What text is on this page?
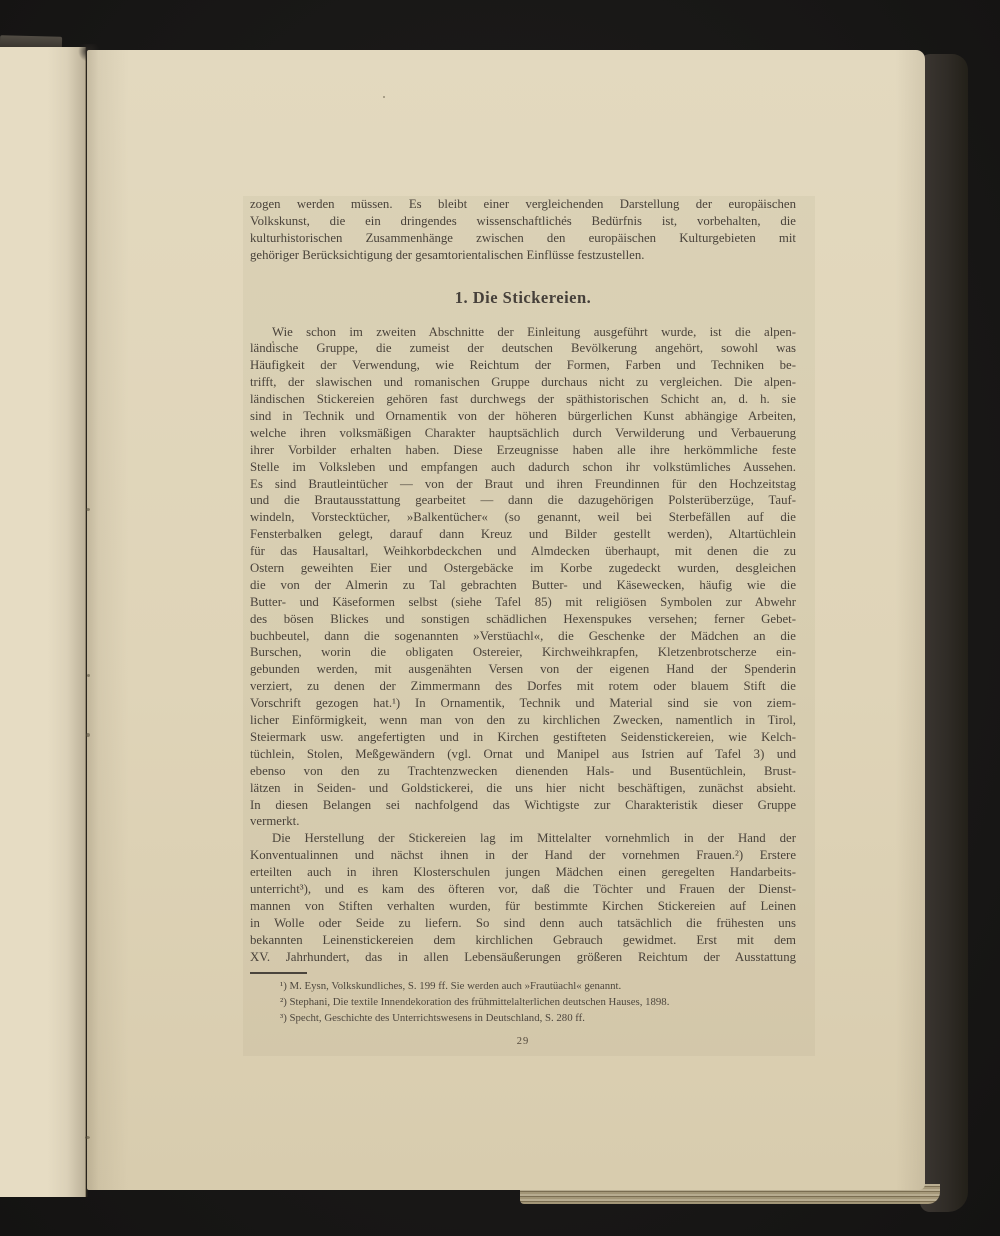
zogen werden müssen. Es bleibt einer vergleichenden Darstellung der europäischen
Volkskunst, die ein dringendes wissenschaftliches Bedürfnis ist, vorbehalten, die
kulturhistorischen Zusammenhänge zwischen den europäischen Kulturgebieten mit
gehöriger Berücksichtigung der gesamtorientalischen Einflüsse festzustellen.
1. Die Stickereien.
Wie schon im zweiten Abschnitte der Einleitung ausgeführt wurde, ist die alpen-
ländische Gruppe, die zumeist der deutschen Bevölkerung angehört, sowohl was
Häufigkeit der Verwendung, wie Reichtum der Formen, Farben und Techniken be-
trifft, der slawischen und romanischen Gruppe durchaus nicht zu vergleichen. Die alpen-
ländischen Stickereien gehören fast durchwegs der späthistorischen Schicht an, d. h. sie
sind in Technik und Ornamentik von der höheren bürgerlichen Kunst abhängige Arbeiten,
welche ihren volksmäßigen Charakter hauptsächlich durch Verwilderung und Verbauerung
ihrer Vorbilder erhalten haben. Diese Erzeugnisse haben alle ihre herkömmliche feste
Stelle im Volksleben und empfangen auch dadurch schon ihr volkstümliches Aussehen.
Es sind Brautleintücher — von der Braut und ihren Freundinnen für den Hochzeitstag
und die Brautausstattung gearbeitet — dann die dazugehörigen Polsterüberzüge, Tauf-
windeln, Vorstecktücher, »Balkentücher« (so genannt, weil bei Sterbefällen auf die
Fensterbalken gelegt, darauf dann Kreuz und Bilder gestellt werden), Altartüchlein
für das Hausaltarl, Weihkorbdeckchen und Almdecken überhaupt, mit denen die zu
Ostern geweihten Eier und Ostergebäcke im Korbe zugedeckt wurden, desgleichen
die von der Almerin zu Tal gebrachten Butter- und Käsewecken, häufig wie die
Butter- und Käseformen selbst (siehe Tafel 85) mit religiösen Symbolen zur Abwehr
des bösen Blickes und sonstigen schädlichen Hexenspukes versehen; ferner Gebet-
buchbeutel, dann die sogenannten »Verstüachl«, die Geschenke der Mädchen an die
Burschen, worin die obligaten Ostereier, Kirchweihkrapfen, Kletzenbrotscherze ein-
gebunden werden, mit ausgenähten Versen von der eigenen Hand der Spenderin
verziert, zu denen der Zimmermann des Dorfes mit rotem oder blauem Stift die
Vorschrift gezogen hat.¹) In Ornamentik, Technik und Material sind sie von ziem-
licher Einförmigkeit, wenn man von den zu kirchlichen Zwecken, namentlich in Tirol,
Steiermark usw. angefertigten und in Kirchen gestifteten Seidenstickereien, wie Kelch-
tüchlein, Stolen, Meßgewändern (vgl. Ornat und Manipel aus Istrien auf Tafel 3) und
ebenso von den zu Trachtenzwecken dienenden Hals- und Busentüchlein, Brust-
lätzen in Seiden- und Goldstickerei, die uns hier nicht beschäftigen, zunächst absieht.
In diesen Belangen sei nachfolgend das Wichtigste zur Charakteristik dieser Gruppe
vermerkt.
Die Herstellung der Stickereien lag im Mittelalter vornehmlich in der Hand der
Konventualinnen und nächst ihnen in der Hand der vornehmen Frauen.²) Erstere
erteilten auch in ihren Klosterschulen jungen Mädchen einen geregelten Handarbeits-
unterricht³), und es kam des öfteren vor, daß die Töchter und Frauen der Dienst-
mannen von Stiften verhalten wurden, für bestimmte Kirchen Stickereien auf Leinen
in Wolle oder Seide zu liefern. So sind denn auch tatsächlich die frühesten uns
bekannten Leinenstickereien dem kirchlichen Gebrauch gewidmet. Erst mit dem
XV. Jahrhundert, das in allen Lebensäußerungen größeren Reichtum der Ausstattung
¹) M. Eysn, Volkskundliches, S. 199 ff. Sie werden auch »Frautüachl« genannt.
²) Stephani, Die textile Innendekoration des frühmittelalterlichen deutschen Hauses, 1898.
³) Specht, Geschichte des Unterrichtswesens in Deutschland, S. 280 ff.
29
